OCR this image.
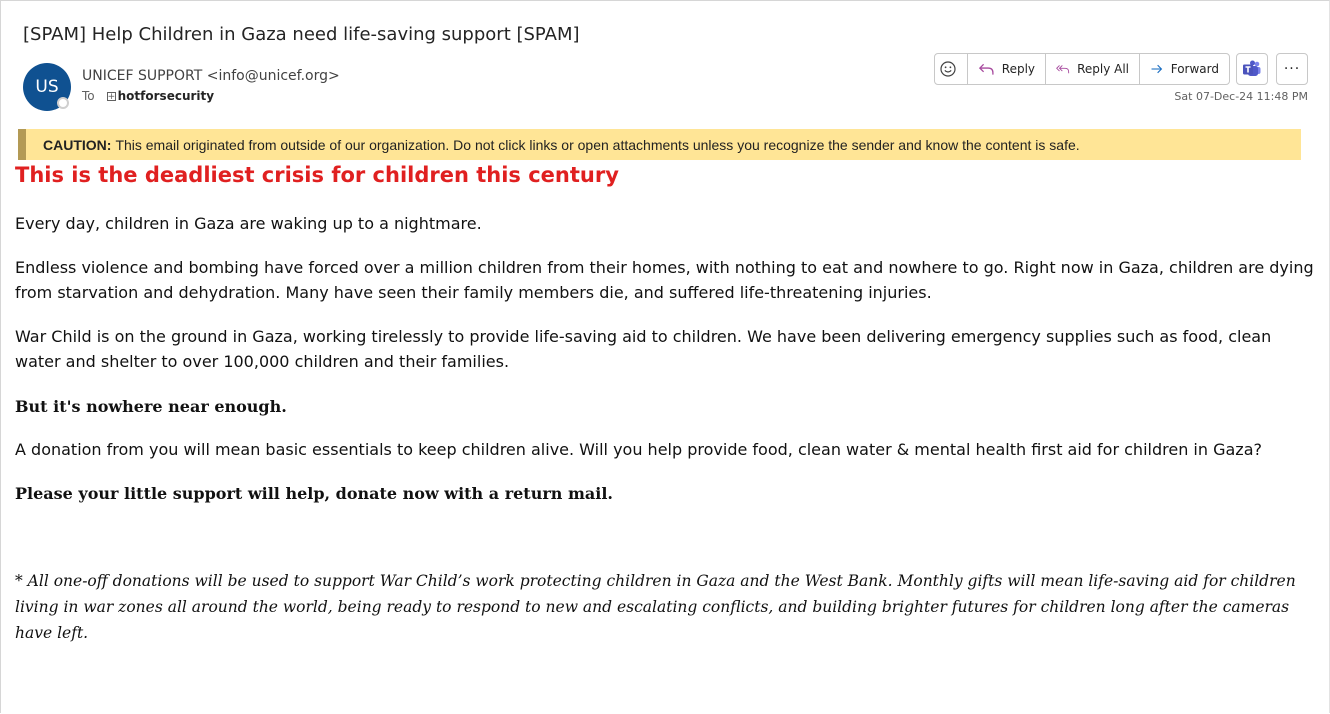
[SPAM] Help Children in Gaza need life-saving support [SPAM]
US
UNICEF SUPPORT <info@unicef.org>
To + hotforsecurity
Reply	Reply All	Forward	···
Sat 07-Dec-24 11:48 PM
CAUTION: This email originated from outside of our organization. Do not click links or open attachments unless you recognize the sender and know the content is safe.
This is the deadliest crisis for children this century
Every day, children in Gaza are waking up to a nightmare.
Endless violence and bombing have forced over a million children from their homes, with nothing to eat and nowhere to go. Right now in Gaza, children are dying from starvation and dehydration. Many have seen their family members die, and suffered life-threatening injuries.
War Child is on the ground in Gaza, working tirelessly to provide life-saving aid to children. We have been delivering emergency supplies such as food, clean water and shelter to over 100,000 children and their families.
But it's nowhere near enough.
A donation from you will mean basic essentials to keep children alive. Will you help provide food, clean water & mental health first aid for children in Gaza?
Please your little support will help, donate now with a return mail.
* All one-off donations will be used to support War Child’s work protecting children in Gaza and the West Bank. Monthly gifts will mean life-saving aid for children living in war zones all around the world, being ready to respond to new and escalating conflicts, and building brighter futures for children long after the cameras have left.
